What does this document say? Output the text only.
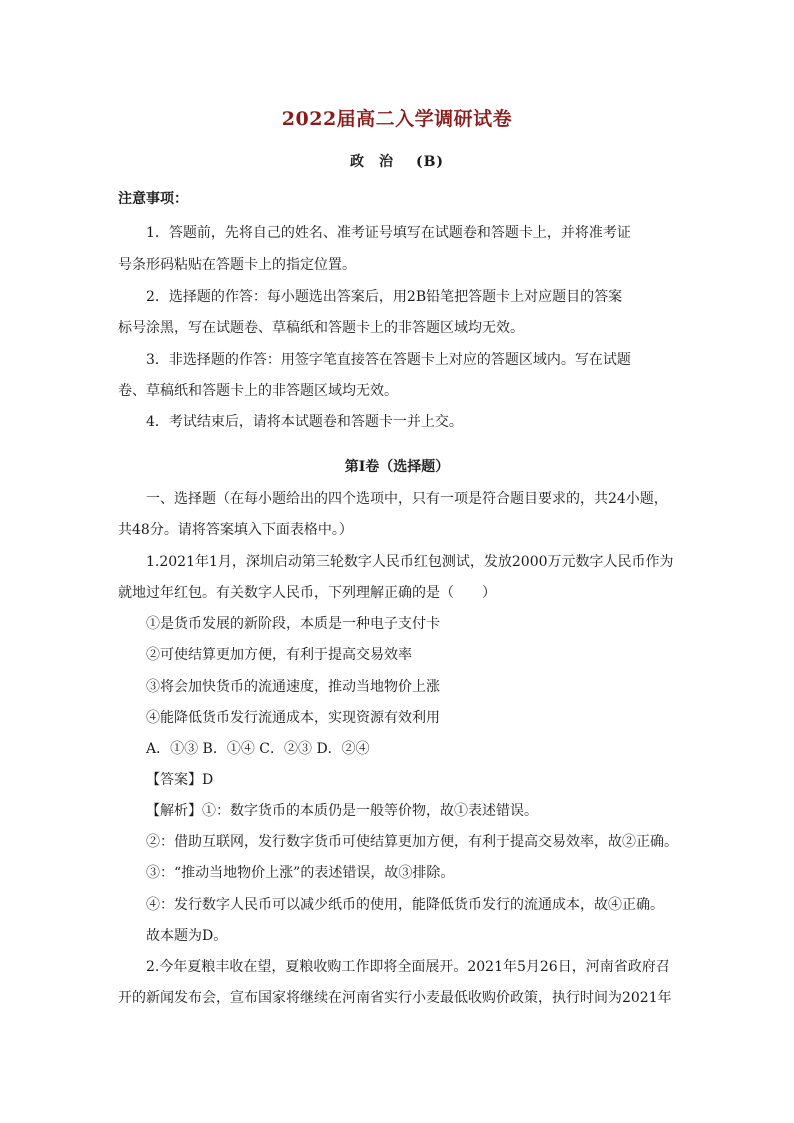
2022届高二入学调研试卷
政 治 (B)
注意事项：
1．答题前，先将自己的姓名、准考证号填写在试题卷和答题卡上，并将准考证
号条形码粘贴在答题卡上的指定位置。
2．选择题的作答：每小题选出答案后，用2B铅笔把答题卡上对应题目的答案
标号涂黑，写在试题卷、草稿纸和答题卡上的非答题区域均无效。
3．非选择题的作答：用签字笔直接答在答题卡上对应的答题区域内。写在试题
卷、草稿纸和答题卡上的非答题区域均无效。
4．考试结束后，请将本试题卷和答题卡一并上交。
第Ⅰ卷（选择题）
一、选择题（在每小题给出的四个选项中，只有一项是符合题目要求的，共24小题，
共48分。请将答案填入下面表格中。）
1.2021年1月，深圳启动第三轮数字人民币红包测试，发放2000万元数字人民币作为
就地过年红包。有关数字人民币，下列理解正确的是（　　）
①是货币发展的新阶段，本质是一种电子支付卡
②可使结算更加方便，有利于提高交易效率
③将会加快货币的流通速度，推动当地物价上涨
④能降低货币发行流通成本，实现资源有效利用
A．①③ B．①④ C．②③ D．②④
【答案】D
【解析】①：数字货币的本质仍是一般等价物，故①表述错误。
②：借助互联网，发行数字货币可使结算更加方便，有利于提高交易效率，故②正确。
③：“推动当地物价上涨”的表述错误，故③排除。
④：发行数字人民币可以减少纸币的使用，能降低货币发行的流通成本，故④正确。
故本题为D。
2.今年夏粮丰收在望，夏粮收购工作即将全面展开。2021年5月26日，河南省政府召
开的新闻发布会，宣布国家将继续在河南省实行小麦最低收购价政策，执行时间为2021年
